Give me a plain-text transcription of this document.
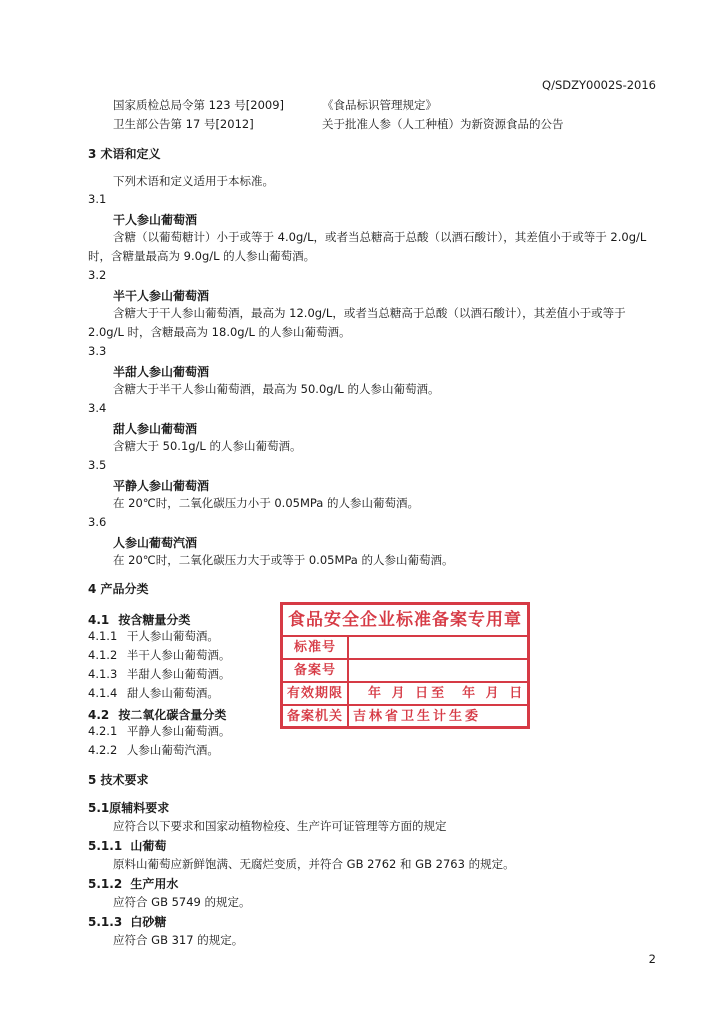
Q/SDZY0002S-2016
国家质检总局令第 123 号[2009]	《食品标识管理规定》
卫生部公告第 17 号[2012]	关于批准人参（人工种植）为新资源食品的公告
3 术语和定义
下列术语和定义适用于本标准。
3.1
干人参山葡萄酒
含糖（以葡萄糖计）小于或等于 4.0g/L，或者当总糖高于总酸（以酒石酸计），其差值小于或等于 2.0g/L 时，含糖量最高为 9.0g/L 的人参山葡萄酒。
3.2
半干人参山葡萄酒
含糖大于干人参山葡萄酒，最高为 12.0g/L，或者当总糖高于总酸（以酒石酸计），其差值小于或等于 2.0g/L 时，含糖最高为 18.0g/L 的人参山葡萄酒。
3.3
半甜人参山葡萄酒
含糖大于半干人参山葡萄酒，最高为 50.0g/L 的人参山葡萄酒。
3.4
甜人参山葡萄酒
含糖大于 50.1g/L 的人参山葡萄酒。
3.5
平静人参山葡萄酒
在 20℃时，二氧化碳压力小于 0.05MPa 的人参山葡萄酒。
3.6
人参山葡萄汽酒
在 20℃时，二氧化碳压力大于或等于 0.05MPa 的人参山葡萄酒。
4 产品分类
4.1 按含糖量分类
4.1.1 干人参山葡萄酒。
4.1.2 半干人参山葡萄酒。
4.1.3 半甜人参山葡萄酒。
4.1.4 甜人参山葡萄酒。
4.2 按二氧化碳含量分类
4.2.1 平静人参山葡萄酒。
4.2.2 人参山葡萄汽酒。
食品安全企业标准备案专用章
标准号
备案号
有效期限 年 月 日至  年 月 日
备案机关 吉林省卫生计生委
5 技术要求
5.1原辅料要求
应符合以下要求和国家动植物检疫、生产许可证管理等方面的规定
5.1.1 山葡萄
原料山葡萄应新鲜饱满、无腐烂变质，并符合 GB 2762 和 GB 2763 的规定。
5.1.2 生产用水
应符合 GB 5749 的规定。
5.1.3 白砂糖
应符合 GB 317 的规定。
2
